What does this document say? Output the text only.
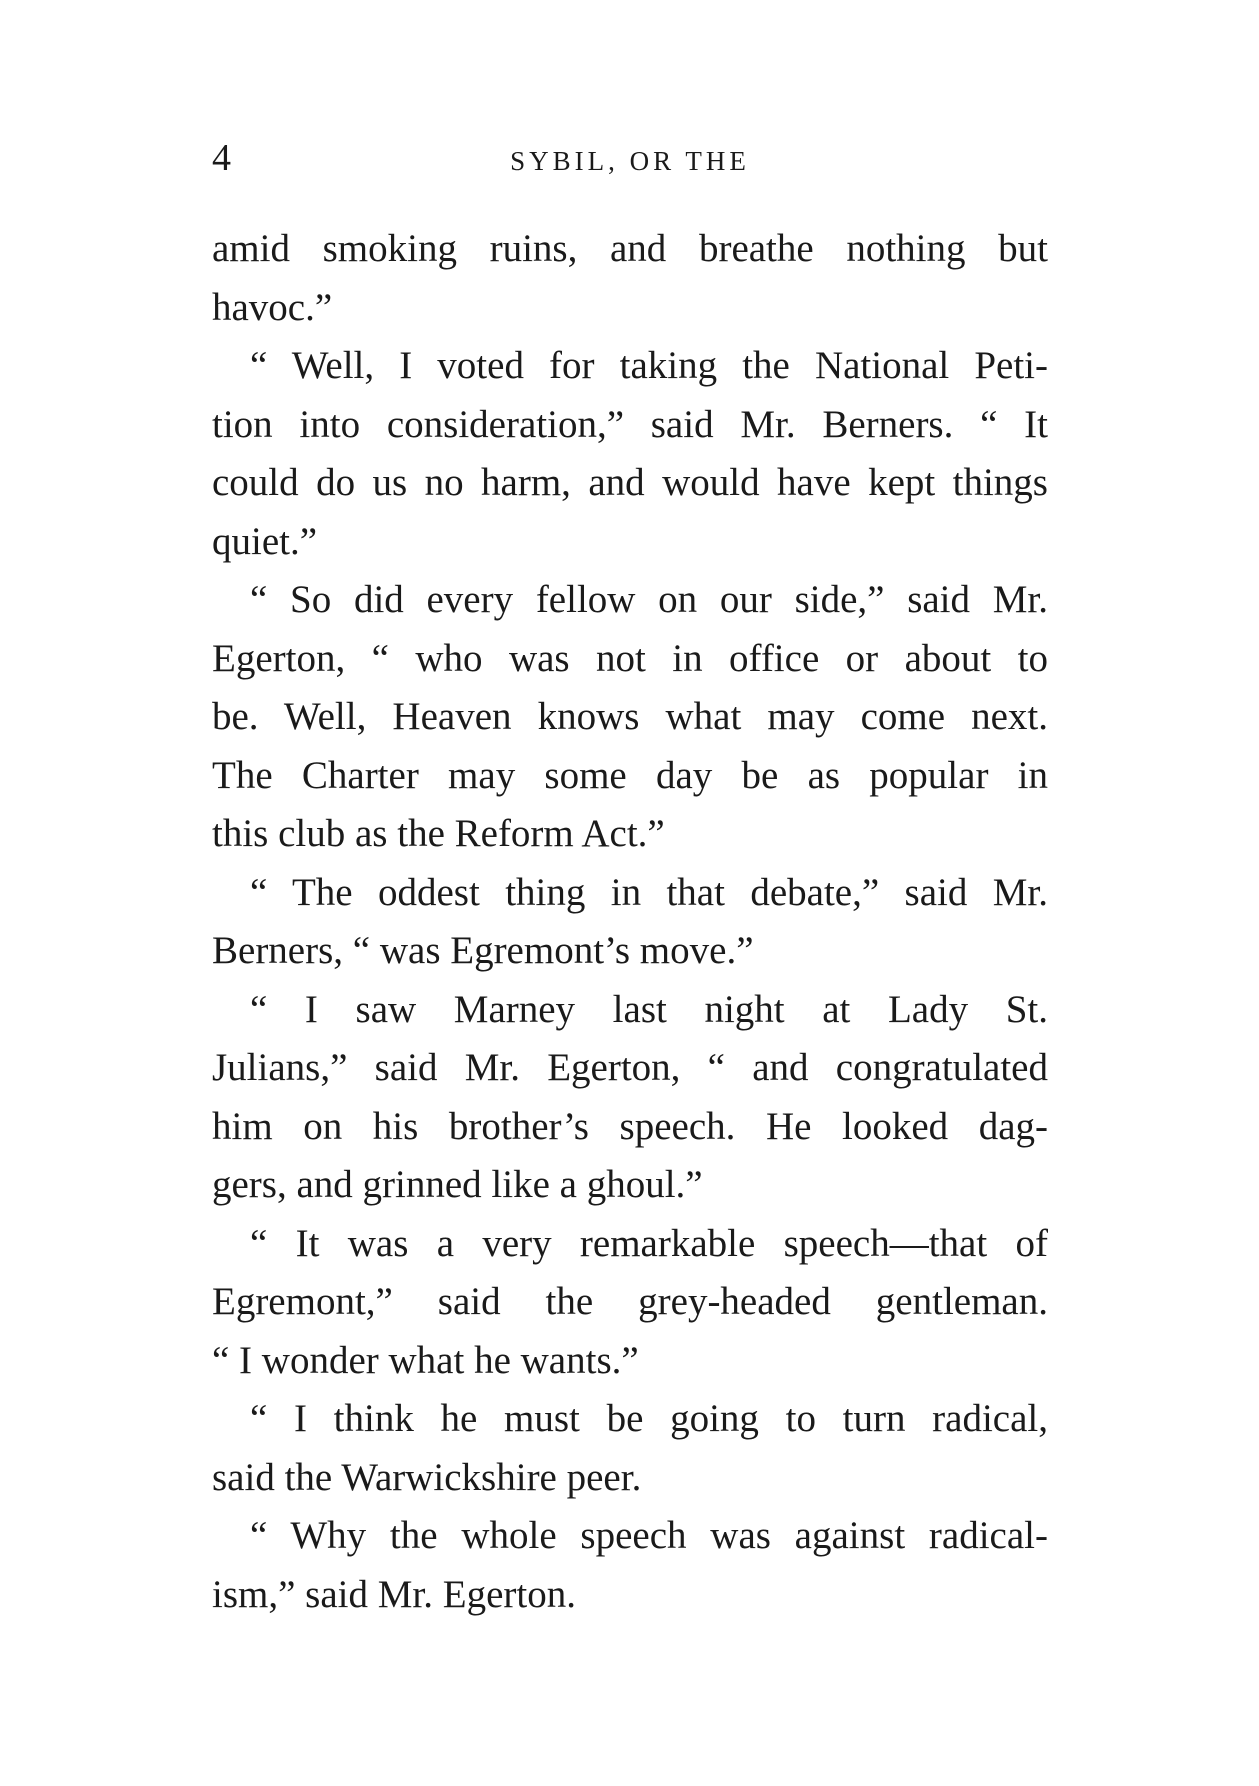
4	SYBIL, OR THE
amid smoking ruins, and breathe nothing but
havoc.”
“ Well, I voted for taking the National Peti-
tion into consideration,” said Mr. Berners. “ It
could do us no harm, and would have kept things
quiet.”
“ So did every fellow on our side,” said Mr.
Egerton, “ who was not in office or about to
be. Well, Heaven knows what may come next.
The Charter may some day be as popular in
this club as the Reform Act.”
“ The oddest thing in that debate,” said Mr.
Berners, “ was Egremont’s move.”
“ I saw Marney last night at Lady St.
Julians,” said Mr. Egerton, “ and congratulated
him on his brother’s speech. He looked dag-
gers, and grinned like a ghoul.”
“ It was a very remarkable speech—that of
Egremont,” said the grey-headed gentleman.
“ I wonder what he wants.”
“ I think he must be going to turn radical,
said the Warwickshire peer.
“ Why the whole speech was against radical-
ism,” said Mr. Egerton.
